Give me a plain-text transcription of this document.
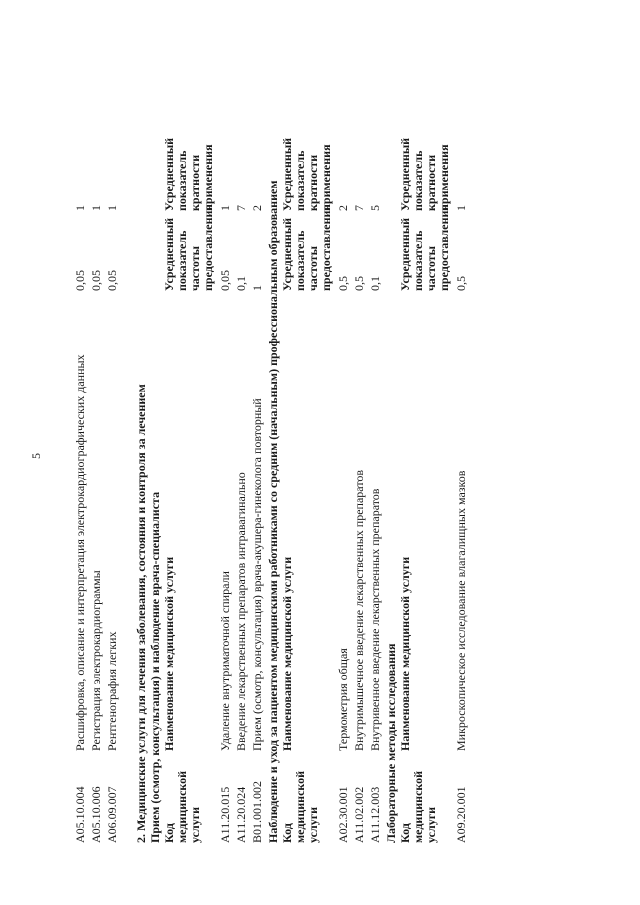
5
A05.10.004
Расшифровка, описание и интерпретация электрокардиографических данных
0,05
1
A05.10.006
Регистрация электрокардиограммы
0,05
1
A06.09.007
Рентгенография легких
0,05
1
2. Медицинские услуги для лечения заболевания, состояния и контроля за лечением Прием (осмотр, консультация) и наблюдение врача-специалиста Код медицинской услуги
Наименование медицинской услуги
Усредненный показатель частоты предоставления
Усредненный показатель кратности применения
A11.20.015
Удаление внутриматочной спирали
0,05
1
A11.20.024
Введение лекарственных препаратов интравагинально
0,1
7
B01.001.002
Прием (осмотр, консультация) врача-акушера-гинеколога повторный
1
2 Наблюдение и уход за пациентом медицинскими работниками со средним (начальным) профессиональным образованием Код медицинской услуги
Наименование медицинской услуги
Усредненный показатель частоты предоставления
Усредненный показатель кратности применения
A02.30.001
Термометрия общая
0,5
2
A11.02.002
Внутримышечное введение лекарственных препаратов
0,5
7
A11.12.003
Внутривенное введение лекарственных препаратов
0,1
5
Лабораторные методы исследования Код медицинской услуги
Наименование медицинской услуги
Усредненный показатель частоты предоставления
Усредненный показатель кратности применения
A09.20.001
Микроскопическое исследование влагалищных мазков
0,5
1
